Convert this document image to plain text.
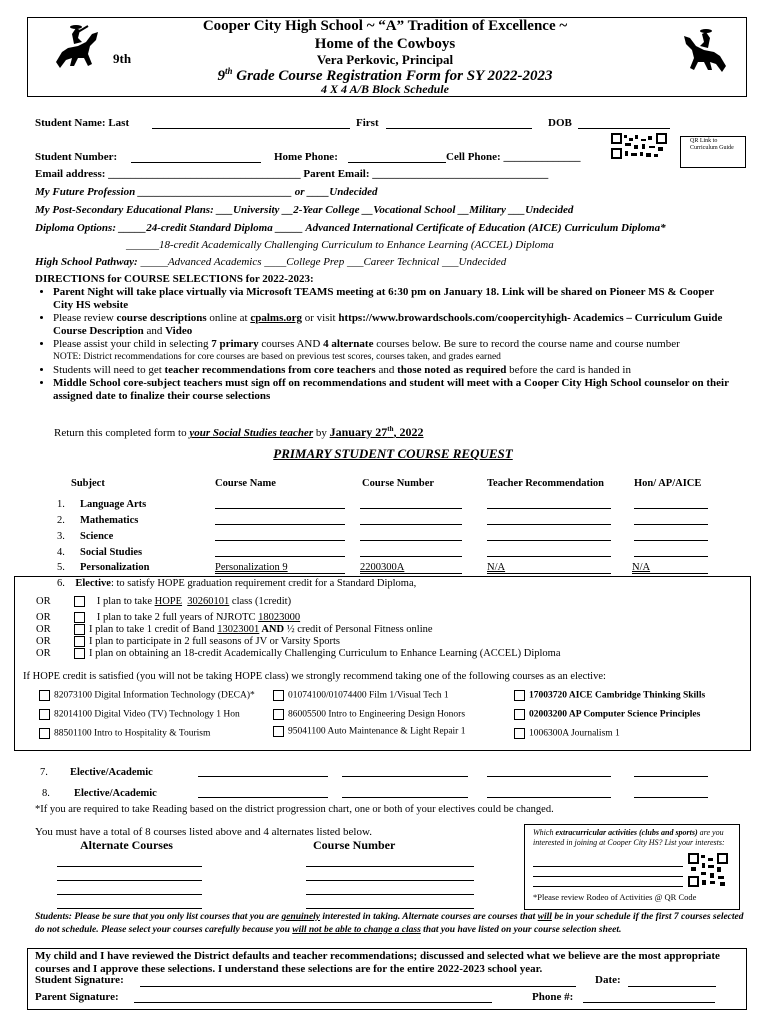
9th
Cooper City High School ~ “A” Tradition of Excellence ~
Home of the Cowboys
Vera Perkovic, Principal
9th Grade Course Registration Form for SY 2022-2023
4 X 4 A/B Block Schedule
Student Name: Last	First	DOB
QR Link to Curriculum Guide
Student Number:	Home Phone:	Cell Phone: ______________
Email address: ___________________________________ Parent Email: ________________________________
My Future Profession ____________________________ or ____Undecided
My Post-Secondary Educational Plans: ___University __2-Year College __Vocational School __Military ___Undecided
Diploma Options: _____24-credit Standard Diploma _____ Advanced International Certificate of Education (AICE) Curriculum Diploma*
______18-credit Academically Challenging Curriculum to Enhance Learning (ACCEL) Diploma
High School Pathway: _____Advanced Academics ____College Prep ___Career Technical ___Undecided
DIRECTIONS for COURSE SELECTIONS for 2022-2023:
• Parent Night will take place virtually via Microsoft TEAMS meeting at 6:30 pm on January 18. Link will be shared on Pioneer MS & Cooper City HS website
• Please review course descriptions online at cpalms.org or visit https://www.browardschools.com/coopercityhigh- Academics – Curriculum Guide Course Description and Video
• Please assist your child in selecting 7 primary courses AND 4 alternate courses below. Be sure to record the course name and course number
NOTE: District recommendations for core courses are based on previous test scores, courses taken, and grades earned
• Students will need to get teacher recommendations from core teachers and those noted as required before the card is handed in
• Middle School core-subject teachers must sign off on recommendations and student will meet with a Cooper City High School counselor on their assigned date to finalize their course selections
Return this completed form to your Social Studies teacher by January 27th, 2022
PRIMARY STUDENT COURSE REQUEST
Subject	Course Name	Course Number	Teacher Recommendation	Hon/ AP/AICE
1. Language Arts
2. Mathematics
3. Science
4. Social Studies
5. Personalization	Personalization 9	2200300A	N/A	N/A
6. Elective: to satisfy HOPE graduation requirement credit for a Standard Diploma,
OR	I plan to take HOPE 30260101 class (1credit)
OR	I plan to take 2 full years of NJROTC 18023000
OR	I plan to take 1 credit of Band 13023001 AND ½ credit of Personal Fitness online
OR	I plan to participate in 2 full seasons of JV or Varsity Sports
OR	I plan on obtaining an 18-credit Academically Challenging Curriculum to Enhance Learning (ACCEL) Diploma
If HOPE credit is satisfied (you will not be taking HOPE class) we strongly recommend taking one of the following courses as an elective:
82073100 Digital Information Technology (DECA)*	01074100/01074400 Film 1/Visual Tech 1	17003720 AICE Cambridge Thinking Skills
82014100 Digital Video (TV) Technology 1 Hon	86005500 Intro to Engineering Design Honors	02003200 AP Computer Science Principles
88501100 Intro to Hospitality & Tourism	95041100 Auto Maintenance & Light Repair 1	1006300A Journalism 1
7. Elective/Academic
8. Elective/Academic
*If you are required to take Reading based on the district progression chart, one or both of your electives could be changed.
You must have a total of 8 courses listed above and 4 alternates listed below.
Alternate Courses	Course Number
Which extracurricular activities (clubs and sports) are you interested in joining at Cooper City HS? List your interests:
*Please review Rodeo of Activities @ QR Code
Students: Please be sure that you only list courses that you are genuinely interested in taking. Alternate courses are courses that will be in your schedule if the first 7 courses selected do not schedule. Please select your courses carefully because you will not be able to change a class that you have listed on your course selection sheet.
My child and I have reviewed the District defaults and teacher recommendations; discussed and selected what we believe are the most appropriate courses and I approve these selections. I understand these selections are for the entire 2022-2023 school year.
Student Signature:	Date:
Parent Signature:	Phone #:
